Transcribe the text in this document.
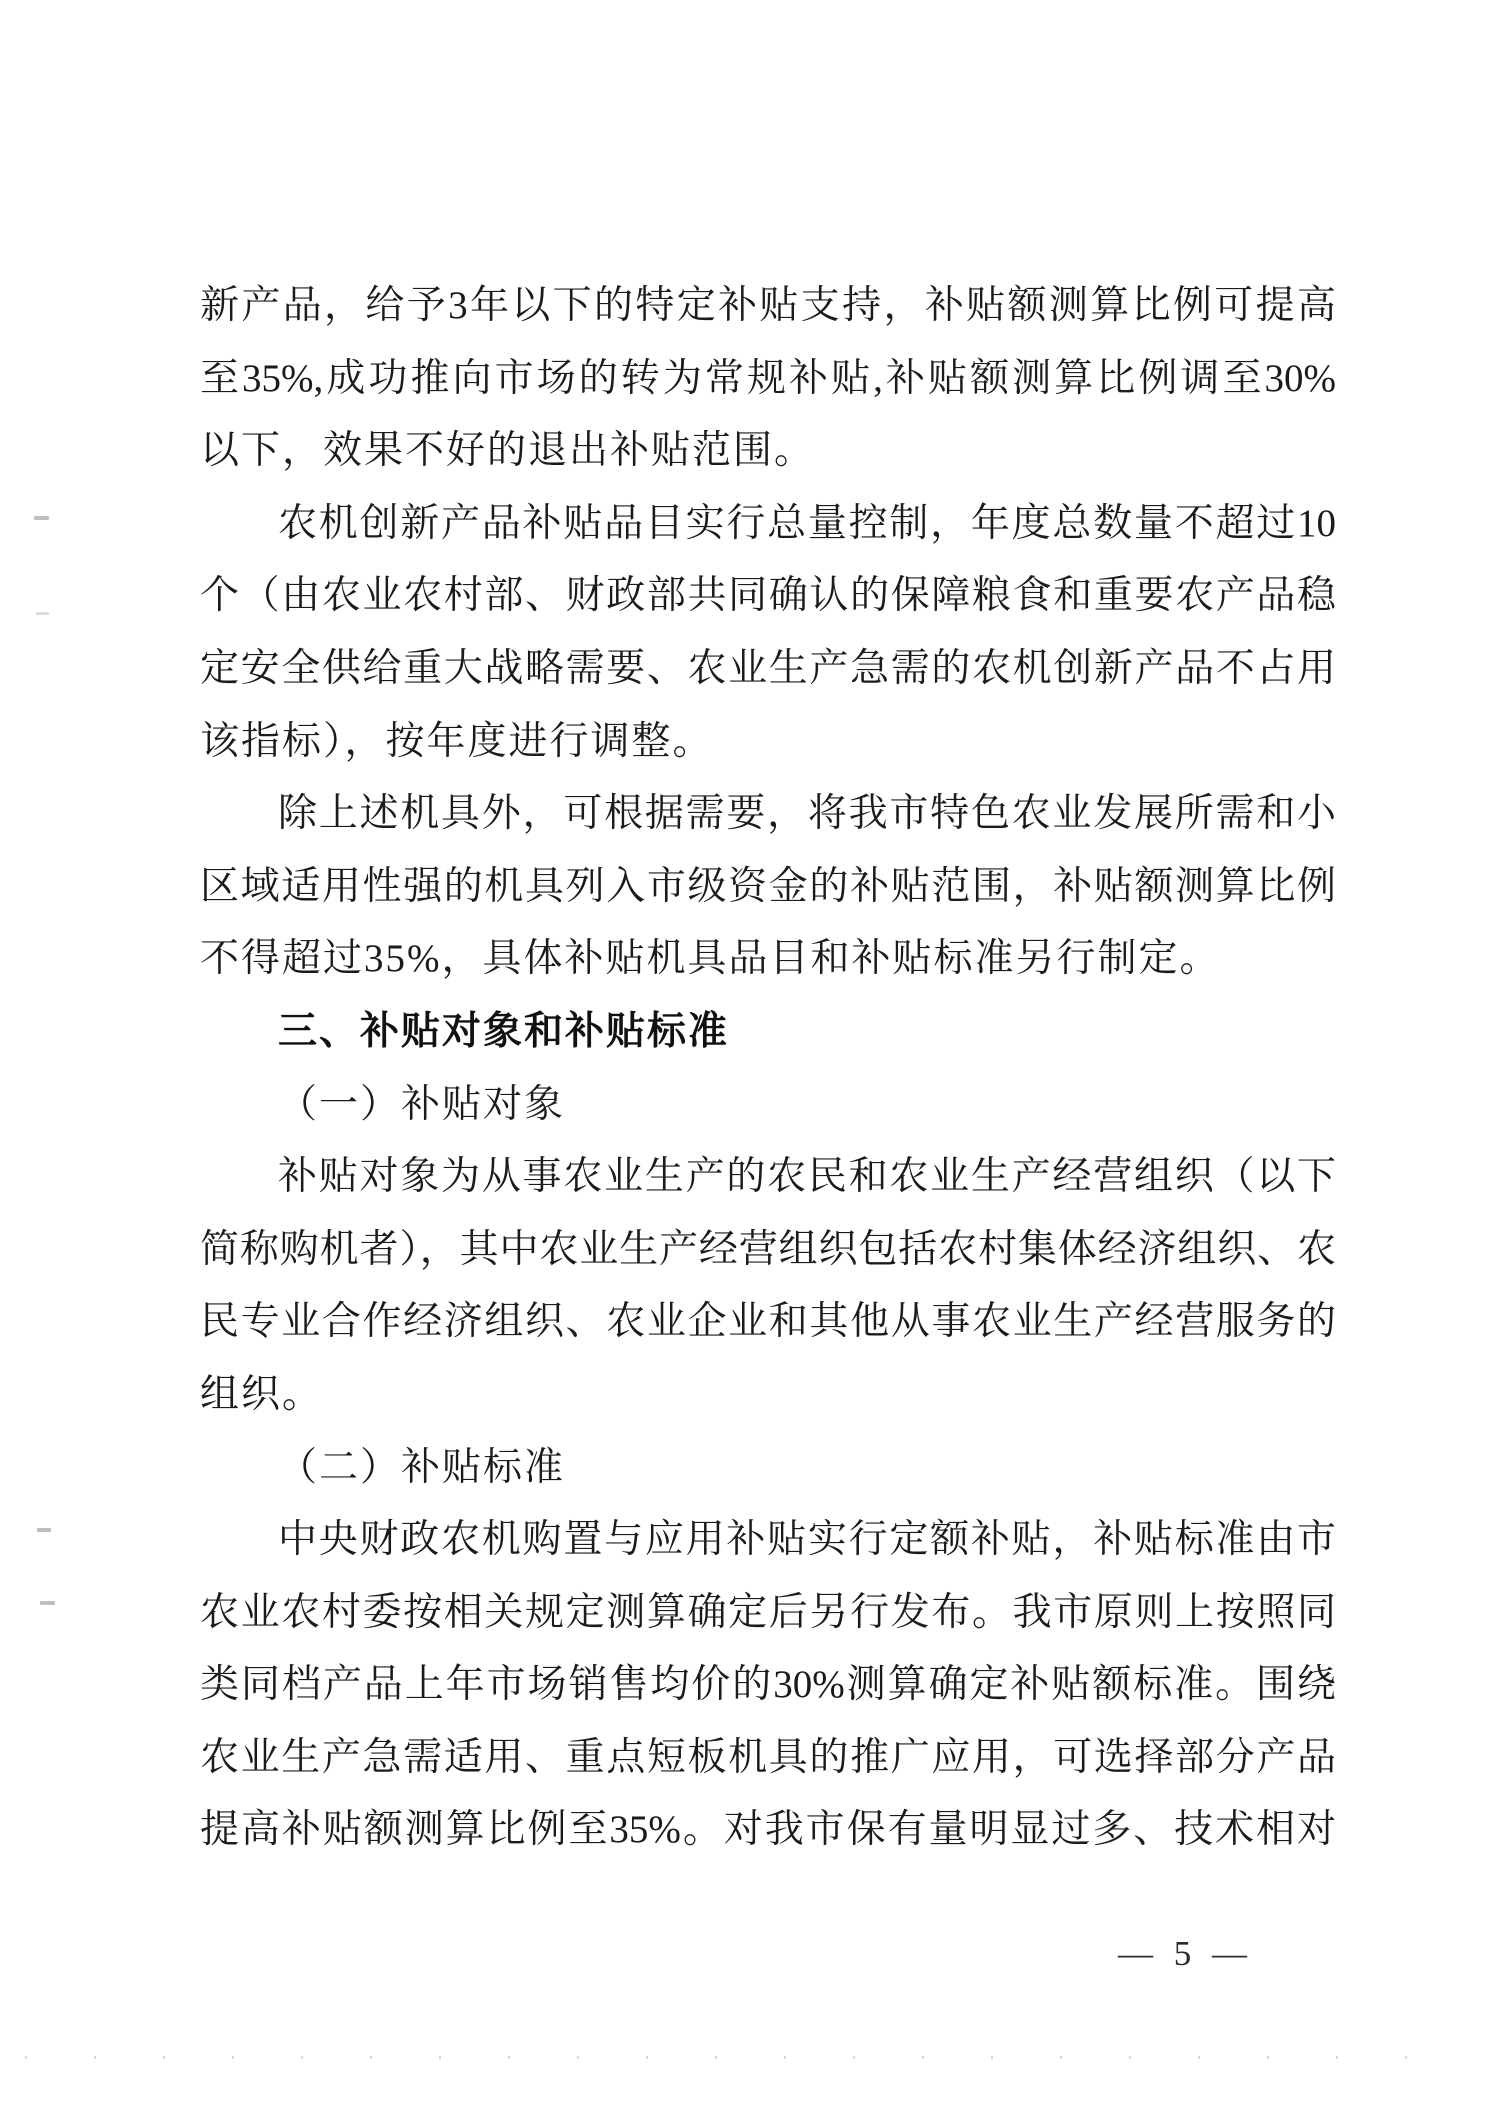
新产品，给予3年以下的特定补贴支持，补贴额测算比例可提高
至35%,成功推向市场的转为常规补贴,补贴额测算比例调至30%
以下，效果不好的退出补贴范围。
农机创新产品补贴品目实行总量控制，年度总数量不超过10
个（由农业农村部、财政部共同确认的保障粮食和重要农产品稳
定安全供给重大战略需要、农业生产急需的农机创新产品不占用
该指标），按年度进行调整。
除上述机具外，可根据需要，将我市特色农业发展所需和小
区域适用性强的机具列入市级资金的补贴范围，补贴额测算比例
不得超过35%，具体补贴机具品目和补贴标准另行制定。
三、补贴对象和补贴标准
（一）补贴对象
补贴对象为从事农业生产的农民和农业生产经营组织（以下
简称购机者），其中农业生产经营组织包括农村集体经济组织、农
民专业合作经济组织、农业企业和其他从事农业生产经营服务的
组织。
（二）补贴标准
中央财政农机购置与应用补贴实行定额补贴，补贴标准由市
农业农村委按相关规定测算确定后另行发布。我市原则上按照同
类同档产品上年市场销售均价的30%测算确定补贴额标准。围绕
农业生产急需适用、重点短板机具的推广应用，可选择部分产品
提高补贴额测算比例至35%。对我市保有量明显过多、技术相对
— 5 —
